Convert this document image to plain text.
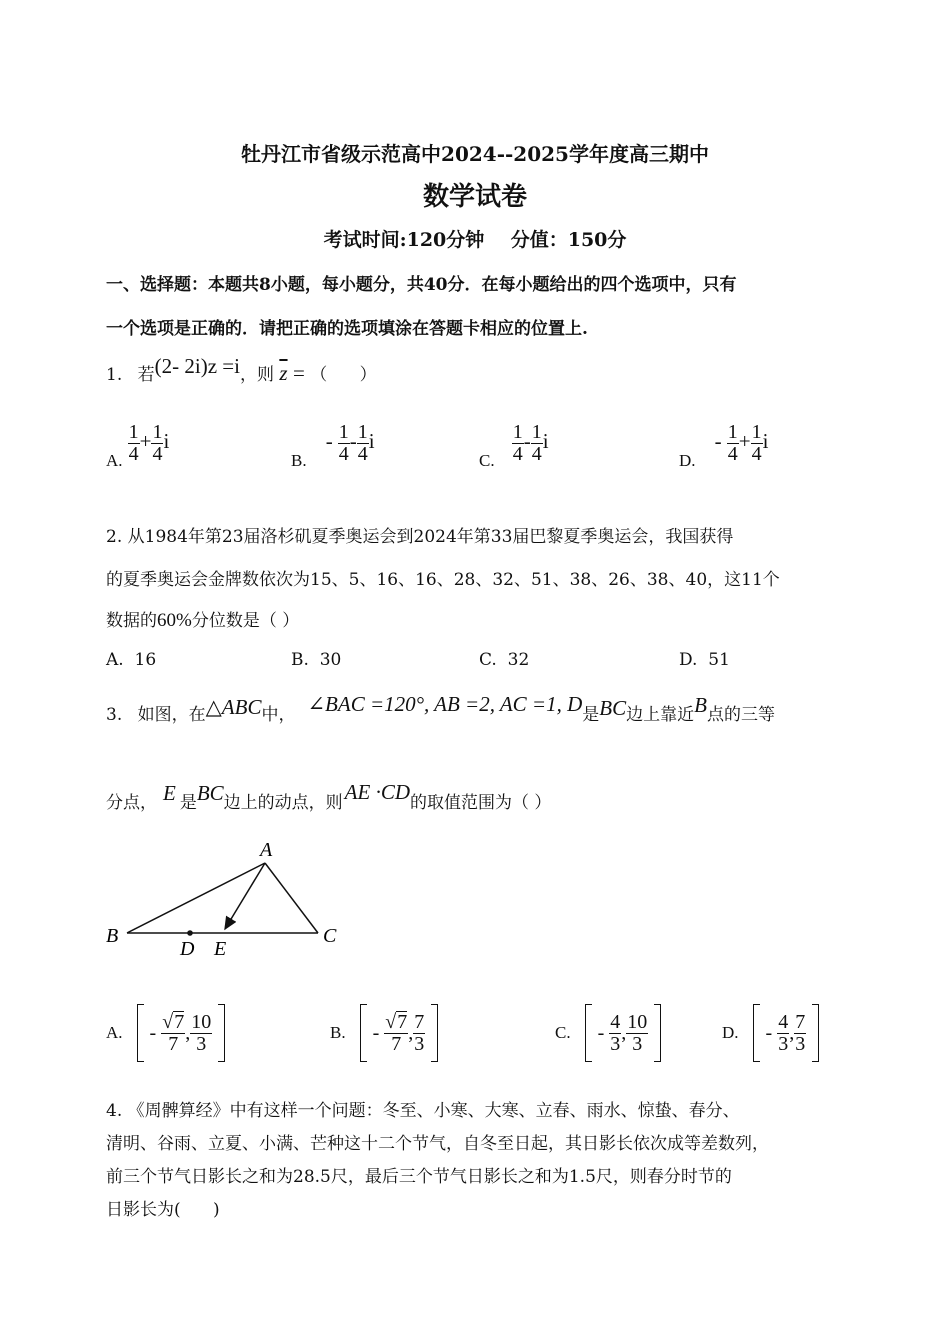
牡丹江市省级示范高中2024--2025学年度高三期中
数学试卷
考试时间:120分钟    分值：150分
一、选择题：本题共8小题，每小题分，共40分．在每小题给出的四个选项中，只有
一个选项是正确的．请把正确的选项填涂在答题卡相应的位置上.
1. 若(2- 2i)z =i，则 $\overline{z}$ = （      ）
A. $\frac{1}{4} + \frac{1}{4}$ i
B. - $\frac{1}{4} - \frac{1}{4}$ i
C. $\frac{1}{4} - \frac{1}{4}$ i
D. - $\frac{1}{4} + \frac{1}{4}$ i
2. 从1984年第23届洛杉矶夏季奥运会到2024年第33届巴黎夏季奥运会，我国获得
的夏季奥运会金牌数依次为15、5、16、16、28、32、51、38、26、38、40，这11个
数据的60%分位数是（ ）
A. 16	B. 30	C. 32	D. 51
3. 如图，在△ABC中， ∠BAC =120°, AB =2, AC =1, D是BC边上靠近B点的三等
分点， E 是BC边上的动点，则AE ·CD的取值范围为（ ）
A
B	C
D E
A. -
$\frac{√7}{7}$ , $\frac{10}{3}$	B. -
$\frac{√7}{7}$ , $\frac{7}{3}$	C. -
$\frac{4}{3}$ , $\frac{10}{3}$	D. -
$\frac{4}{3}$ , $\frac{7}{3}$
4. 《周髀算经》中有这样一个问题：冬至、小寒、大寒、立春、雨水、惊蛰、春分、
清明、谷雨、立夏、小满、芒种这十二个节气，自冬至日起，其日影长依次成等差数列，
前三个节气日影长之和为28.5尺，最后三个节气日影长之和为1.5尺，则春分时节的
日影长为(      )
